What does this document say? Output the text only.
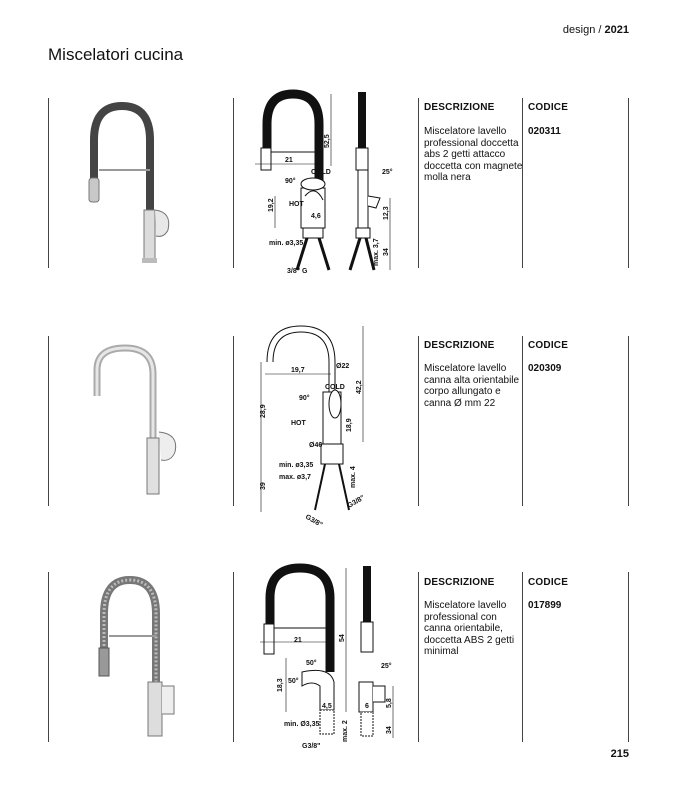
design / 2021
Miscelatori cucina
21
52,5
COLD
90°
HOT
19,2
4,6
min. ø3,35
3/8" G
25°
12,3
max. 3,7 34
DESCRIZIONE	CODICE
Miscelatore lavello professional doccetta abs 2 getti attacco doccetta con magnete molla nera
020311
Ø22
19,7
COLD
90°
42,2
28,9
18,9
HOT
Ø46
min. ø3,35
max. ø3,7	max. 4
39
G3/8"
G3/8"
DESCRIZIONE	CODICE
Miscelatore lavello canna alta orientabile corpo allungato e canna Ø mm 22
020309
21	54
50°
50°
18,3
4,5
min. Ø3,35
G3/8"
25°
6 5,8
max. 2	34
DESCRIZIONE	CODICE
Miscelatore lavello professional con canna orientabile, doccetta ABS 2 getti minimal
017899
215
